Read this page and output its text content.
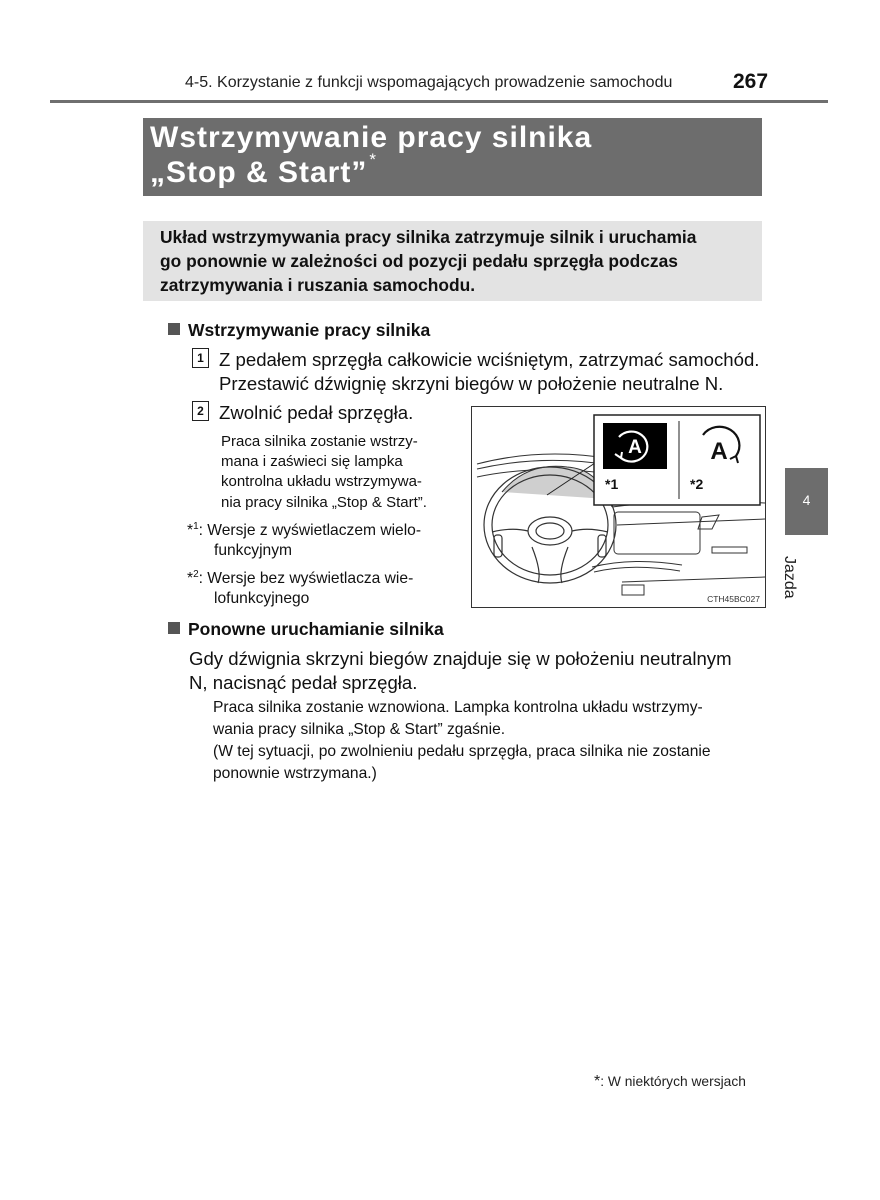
4-5. Korzystanie z funkcji wspomagających prowadzenie samochodu	267
Wstrzymywanie pracy silnika
„Stop & Start” *
Układ wstrzymywania pracy silnika zatrzymuje silnik i uruchamia
go ponownie w zależności od pozycji pedału sprzęgła podczas
zatrzymywania i ruszania samochodu.
Wstrzymywanie pracy silnika
1 Z pedałem sprzęgła całkowicie wciśniętym, zatrzymać samochód.
Przestawić dźwignię skrzyni biegów w położenie neutralne N.
2 Zwolnić pedał sprzęgła.
Praca silnika zostanie wstrzy-
mana i zaświeci się lampka
kontrolna układu wstrzymywa-
nia pracy silnika „Stop & Start”.
*$^1$: Wersje z wyświetlaczem wielo-
funkcyjnym
*$^2$: Wersje bez wyświetlacza wie-
lofunkcyjnego
A	A
*1	*2
CTH45BC027
Ponowne uruchamianie silnika
Gdy dźwignia skrzyni biegów znajduje się w położeniu neutralnym
N, nacisnąć pedał sprzęgła.
Praca silnika zostanie wznowiona. Lampka kontrolna układu wstrzymy-
wania pracy silnika „Stop & Start” zgaśnie.
(W tej sytuacji, po zwolnieniu pedału sprzęgła, praca silnika nie zostanie
ponownie wstrzymana.)
4
Jazda
*: W niektórych wersjach
